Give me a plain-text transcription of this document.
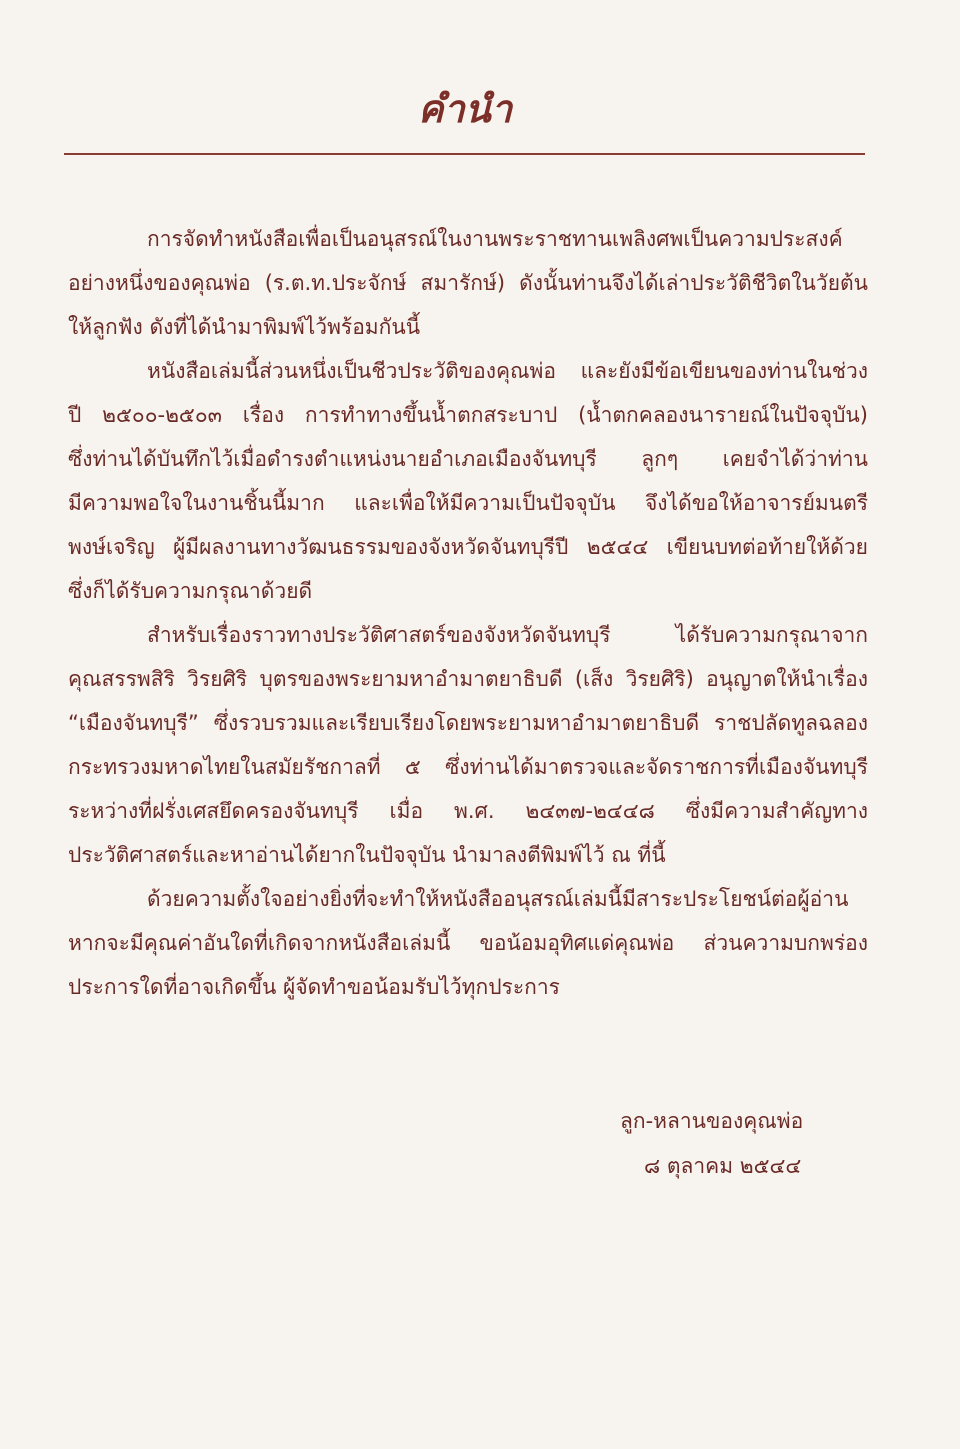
คำนำ
การจัดทำหนังสือเพื่อเป็นอนุสรณ์ในงานพระราชทานเพลิงศพเป็นความประสงค์
อย่างหนึ่งของคุณพ่อ (ร.ต.ท.ประจักษ์ สมารักษ์) ดังนั้นท่านจึงได้เล่าประวัติชีวิตในวัยต้น
ให้ลูกฟัง ดังที่ได้นำมาพิมพ์ไว้พร้อมกันนี้
หนังสือเล่มนี้ส่วนหนึ่งเป็นชีวประวัติของคุณพ่อ และยังมีข้อเขียนของท่านในช่วง
ปี ๒๕๐๐-๒๕๐๓ เรื่อง การทำทางขึ้นน้ำตกสระบาป (น้ำตกคลองนารายณ์ในปัจจุบัน)
ซึ่งท่านได้บันทึกไว้เมื่อดำรงตำแหน่งนายอำเภอเมืองจันทบุรี ลูกๆ เคยจำได้ว่าท่าน
มีความพอใจในงานชิ้นนี้มาก และเพื่อให้มีความเป็นปัจจุบัน จึงได้ขอให้อาจารย์มนตรี
พงษ์เจริญ ผู้มีผลงานทางวัฒนธรรมของจังหวัดจันทบุรีปี ๒๕๔๔ เขียนบทต่อท้ายให้ด้วย
ซึ่งก็ได้รับความกรุณาด้วยดี
สำหรับเรื่องราวทางประวัติศาสตร์ของจังหวัดจันทบุรี ได้รับความกรุณาจาก
คุณสรรพสิริ วิรยศิริ บุตรของพระยามหาอำมาตยาธิบดี (เส็ง วิรยศิริ) อนุญาตให้นำเรื่อง
“เมืองจันทบุรี” ซึ่งรวบรวมและเรียบเรียงโดยพระยามหาอำมาตยาธิบดี ราชปลัดทูลฉลอง
กระทรวงมหาดไทยในสมัยรัชกาลที่ ๕ ซึ่งท่านได้มาตรวจและจัดราชการที่เมืองจันทบุรี
ระหว่างที่ฝรั่งเศสยึดครองจันทบุรี เมื่อ พ.ศ. ๒๔๓๗-๒๔๔๘ ซึ่งมีความสำคัญทาง
ประวัติศาสตร์และหาอ่านได้ยากในปัจจุบัน นำมาลงตีพิมพ์ไว้ ณ ที่นี้
ด้วยความตั้งใจอย่างยิ่งที่จะทำให้หนังสืออนุสรณ์เล่มนี้มีสาระประโยชน์ต่อผู้อ่าน
หากจะมีคุณค่าอันใดที่เกิดจากหนังสือเล่มนี้ ขอน้อมอุทิศแด่คุณพ่อ ส่วนความบกพร่อง
ประการใดที่อาจเกิดขึ้น ผู้จัดทำขอน้อมรับไว้ทุกประการ
ลูก-หลานของคุณพ่อ
๘ ตุลาคม ๒๕๔๔
